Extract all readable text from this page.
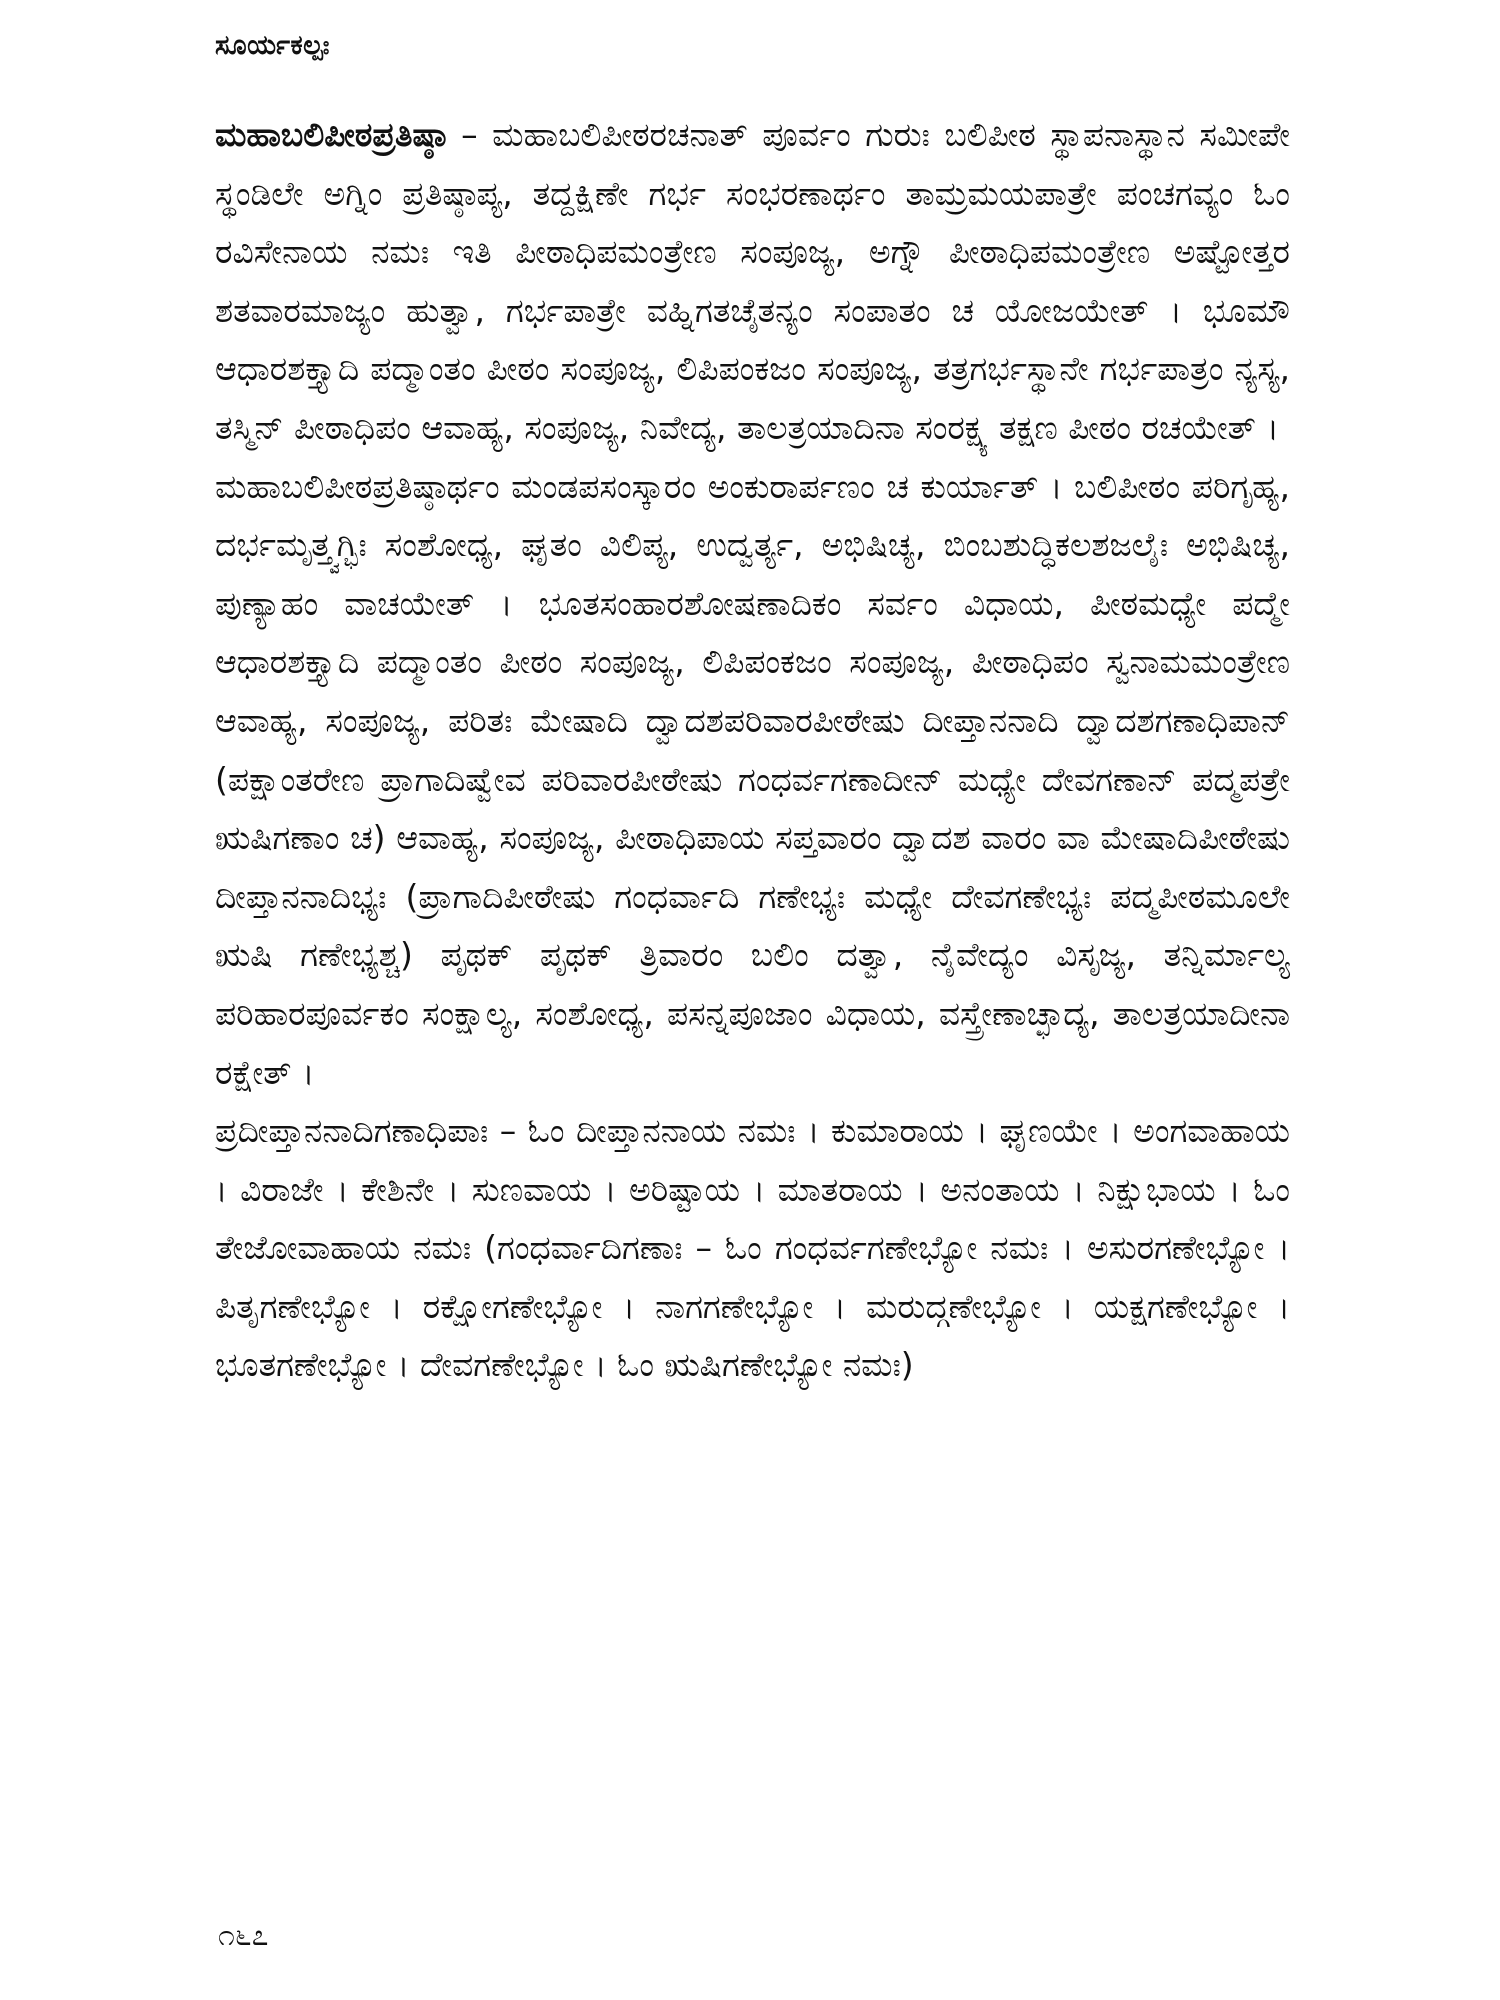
ಸೂರ್ಯಕಲ್ಪಃ

ಮಹಾಬಲಿಪೀಠಪ್ರತಿಷ್ಠಾ – ಮಹಾಬಲಿಪೀಠರಚನಾತ್ ಪೂರ್ವಂ ಗುರುಃ ಬಲಿಪೀಠ ಸ್ಥಾಪನಾಸ್ಥಾನ ಸಮೀಪೇ ಸ್ಥಂಡಿಲೇ ಅಗ್ನಿಂ ಪ್ರತಿಷ್ಠಾಪ್ಯ, ತದ್ದಕ್ಷಿಣೇ ಗರ್ಭ ಸಂಭರಣಾರ್ಥಂ ತಾಮ್ರಮಯಪಾತ್ರೇ ಪಂಚಗವ್ಯಂ ಓಂ ರವಿಸೇನಾಯ ನಮಃ ಇತಿ ಪೀಠಾಧಿಪಮಂತ್ರೇಣ ಸಂಪೂಜ್ಯ, ಅಗ್ನೌ ಪೀಠಾಧಿಪಮಂತ್ರೇಣ ಅಷ್ಟೋತ್ತರ ಶತವಾರಮಾಜ್ಯಂ ಹುತ್ವಾ, ಗರ್ಭಪಾತ್ರೇ ವಹ್ನಿಗತಚೈತನ್ಯಂ ಸಂಪಾತಂ ಚ ಯೋಜಯೇತ್ । ಭೂಮೌ ಆಧಾರಶಕ್ತ್ಯಾದಿ ಪದ್ಮಾಂತಂ ಪೀಠಂ ಸಂಪೂಜ್ಯ, ಲಿಪಿಪಂಕಜಂ ಸಂಪೂಜ್ಯ, ತತ್ರಗರ್ಭಸ್ಥಾನೇ ಗರ್ಭಪಾತ್ರಂ ನ್ಯಸ್ಯ, ತಸ್ಮಿನ್ ಪೀಠಾಧಿಪಂ ಆವಾಹ್ಯ, ಸಂಪೂಜ್ಯ, ನಿವೇದ್ಯ, ತಾಲತ್ರಯಾದಿನಾ ಸಂರಕ್ಷ್ಯ ತಕ್ಷಣ ಪೀಠಂ ರಚಯೇತ್ ।

ಮಹಾಬಲಿಪೀಠಪ್ರತಿಷ್ಠಾರ್ಥಂ ಮಂಡಪಸಂಸ್ಕಾರಂ ಅಂಕುರಾರ್ಪಣಂ ಚ ಕುರ್ಯಾತ್ । ಬಲಿಪೀಠಂ ಪರಿಗೃಹ್ಯ, ದರ್ಭಮೃತ್ತ್ವಗ್ಭಿಃ ಸಂಶೋಧ್ಯ, ಘೃತಂ ವಿಲಿಪ್ಯ, ಉದ್ವರ್ತ್ಯ, ಅಭಿಷಿಚ್ಯ, ಬಿಂಬಶುದ್ಧಿಕಲಶಜಲೈಃ ಅಭಿಷಿಚ್ಯ, ಪುಣ್ಯಾಹಂ ವಾಚಯೇತ್ । ಭೂತಸಂಹಾರಶೋಷಣಾದಿಕಂ ಸರ್ವಂ ವಿಧಾಯ, ಪೀಠಮಧ್ಯೇ ಪದ್ಮೇ ಆಧಾರಶಕ್ತ್ಯಾದಿ ಪದ್ಮಾಂತಂ ಪೀಠಂ ಸಂಪೂಜ್ಯ, ಲಿಪಿಪಂಕಜಂ ಸಂಪೂಜ್ಯ, ಪೀಠಾಧಿಪಂ ಸ್ವನಾಮಮಂತ್ರೇಣ ಆವಾಹ್ಯ, ಸಂಪೂಜ್ಯ, ಪರಿತಃ ಮೇಷಾದಿ ದ್ವಾದಶಪರಿವಾರಪೀಠೇಷು ದೀಪ್ತಾನನಾದಿ ದ್ವಾದಶಗಣಾಧಿಪಾನ್ (ಪಕ್ಷಾಂತರೇಣ ಪ್ರಾಗಾದಿಷ್ವೇವ ಪರಿವಾರಪೀಠೇಷು ಗಂಧರ್ವಗಣಾದೀನ್ ಮಧ್ಯೇ ದೇವಗಣಾನ್ ಪದ್ಮಪತ್ರೇ ಋಷಿಗಣಾಂ ಚ) ಆವಾಹ್ಯ, ಸಂಪೂಜ್ಯ, ಪೀಠಾಧಿಪಾಯ ಸಪ್ತವಾರಂ ದ್ವಾದಶ ವಾರಂ ವಾ ಮೇಷಾದಿಪೀಠೇಷು ದೀಪ್ತಾನನಾದಿಭ್ಯಃ (ಪ್ರಾಗಾದಿಪೀಠೇಷು ಗಂಧರ್ವಾದಿ ಗಣೇಭ್ಯಃ ಮಧ್ಯೇ ದೇವಗಣೇಭ್ಯಃ ಪದ್ಮಪೀಠಮೂಲೇ ಋಷಿ ಗಣೇಭ್ಯಶ್ಚ) ಪೃಥಕ್ ಪೃಥಕ್ ತ್ರಿವಾರಂ ಬಲಿಂ ದತ್ವಾ, ನೈವೇದ್ಯಂ ವಿಸೃಜ್ಯ, ತನ್ನಿರ್ಮಾಲ್ಯ ಪರಿಹಾರಪೂರ್ವಕಂ ಸಂಕ್ಷಾಲ್ಯ, ಸಂಶೋಧ್ಯ, ಪಸನ್ನಪೂಜಾಂ ವಿಧಾಯ, ವಸ್ತ್ರೇಣಾಚ್ಛಾದ್ಯ, ತಾಲತ್ರಯಾದೀನಾ ರಕ್ಷೇತ್ ।

ಪ್ರದೀಪ್ತಾನನಾದಿಗಣಾಧಿಪಾಃ – ಓಂ ದೀಪ್ತಾನನಾಯ ನಮಃ । ಕುಮಾರಾಯ । ಘೃಣಯೇ । ಅಂಗವಾಹಾಯ । ವಿರಾಜೇ । ಕೇಶಿನೇ । ಸುಣವಾಯ । ಅರಿಷ್ಟಾಯ । ಮಾತರಾಯ । ಅನಂತಾಯ । ನಿಕ್ಷುಭಾಯ । ಓಂ ತೇಜೋವಾಹಾಯ ನಮಃ (ಗಂಧರ್ವಾದಿಗಣಾಃ – ಓಂ ಗಂಧರ್ವಗಣೇಭ್ಯೋ ನಮಃ । ಅಸುರಗಣೇಭ್ಯೋ । ಪಿತೃಗಣೇಭ್ಯೋ । ರಕ್ಷೋಗಣೇಭ್ಯೋ । ನಾಗಗಣೇಭ್ಯೋ । ಮರುದ್ಗಣೇಭ್ಯೋ । ಯಕ್ಷಗಣೇಭ್ಯೋ । ಭೂತಗಣೇಭ್ಯೋ । ದೇವಗಣೇಭ್ಯೋ । ಓಂ ಋಷಿಗಣೇಭ್ಯೋ ನಮಃ)

೧೬೭
